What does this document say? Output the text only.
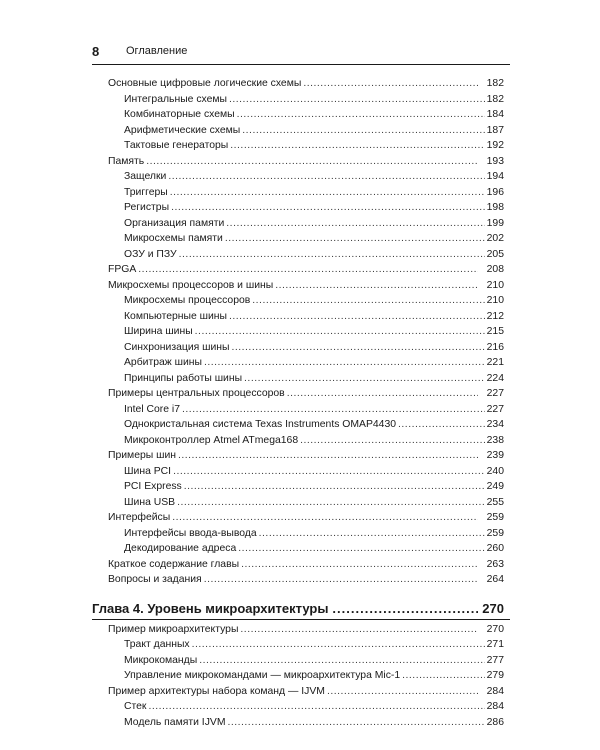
8 Оглавление
Основные цифровые логические схемы .....	182
Интегральные схемы .....	182
Комбинаторные схемы .....	184
Арифметические схемы .....	187
Тактовые генераторы .....	192
Память .....	193
Защелки .....	194
Триггеры .....	196
Регистры .....	198
Организация памяти .....	199
Микросхемы памяти .....	202
ОЗУ и ПЗУ .....	205
FPGA .....	208
Микросхемы процессоров и шины .....	210
Микросхемы процессоров .....	210
Компьютерные шины .....	212
Ширина шины .....	215
Синхронизация шины .....	216
Арбитраж шины .....	221
Принципы работы шины .....	224
Примеры центральных процессоров .....	227
Intel Core i7 .....	227
Однокристальная система Texas Instruments OMAP4430 .....	234
Микроконтроллер Atmel ATmega168 .....	238
Примеры шин .....	239
Шина PCI .....	240
PCI Express .....	249
Шина USB .....	255
Интерфейсы .....	259
Интерфейсы ввода-вывода .....	259
Декодирование адреса .....	260
Краткое содержание главы .....	263
Вопросы и задания .....	264
Глава 4. Уровень микроархитектуры .....	270
Пример микроархитектуры .....	270
Тракт данных .....	271
Микрокоманды .....	277
Управление микрокомандами — микроархитектура Mic-1 .....	279
Пример архитектуры набора команд — IJVM .....	284
Стек .....	284
Модель памяти IJVM .....	286
